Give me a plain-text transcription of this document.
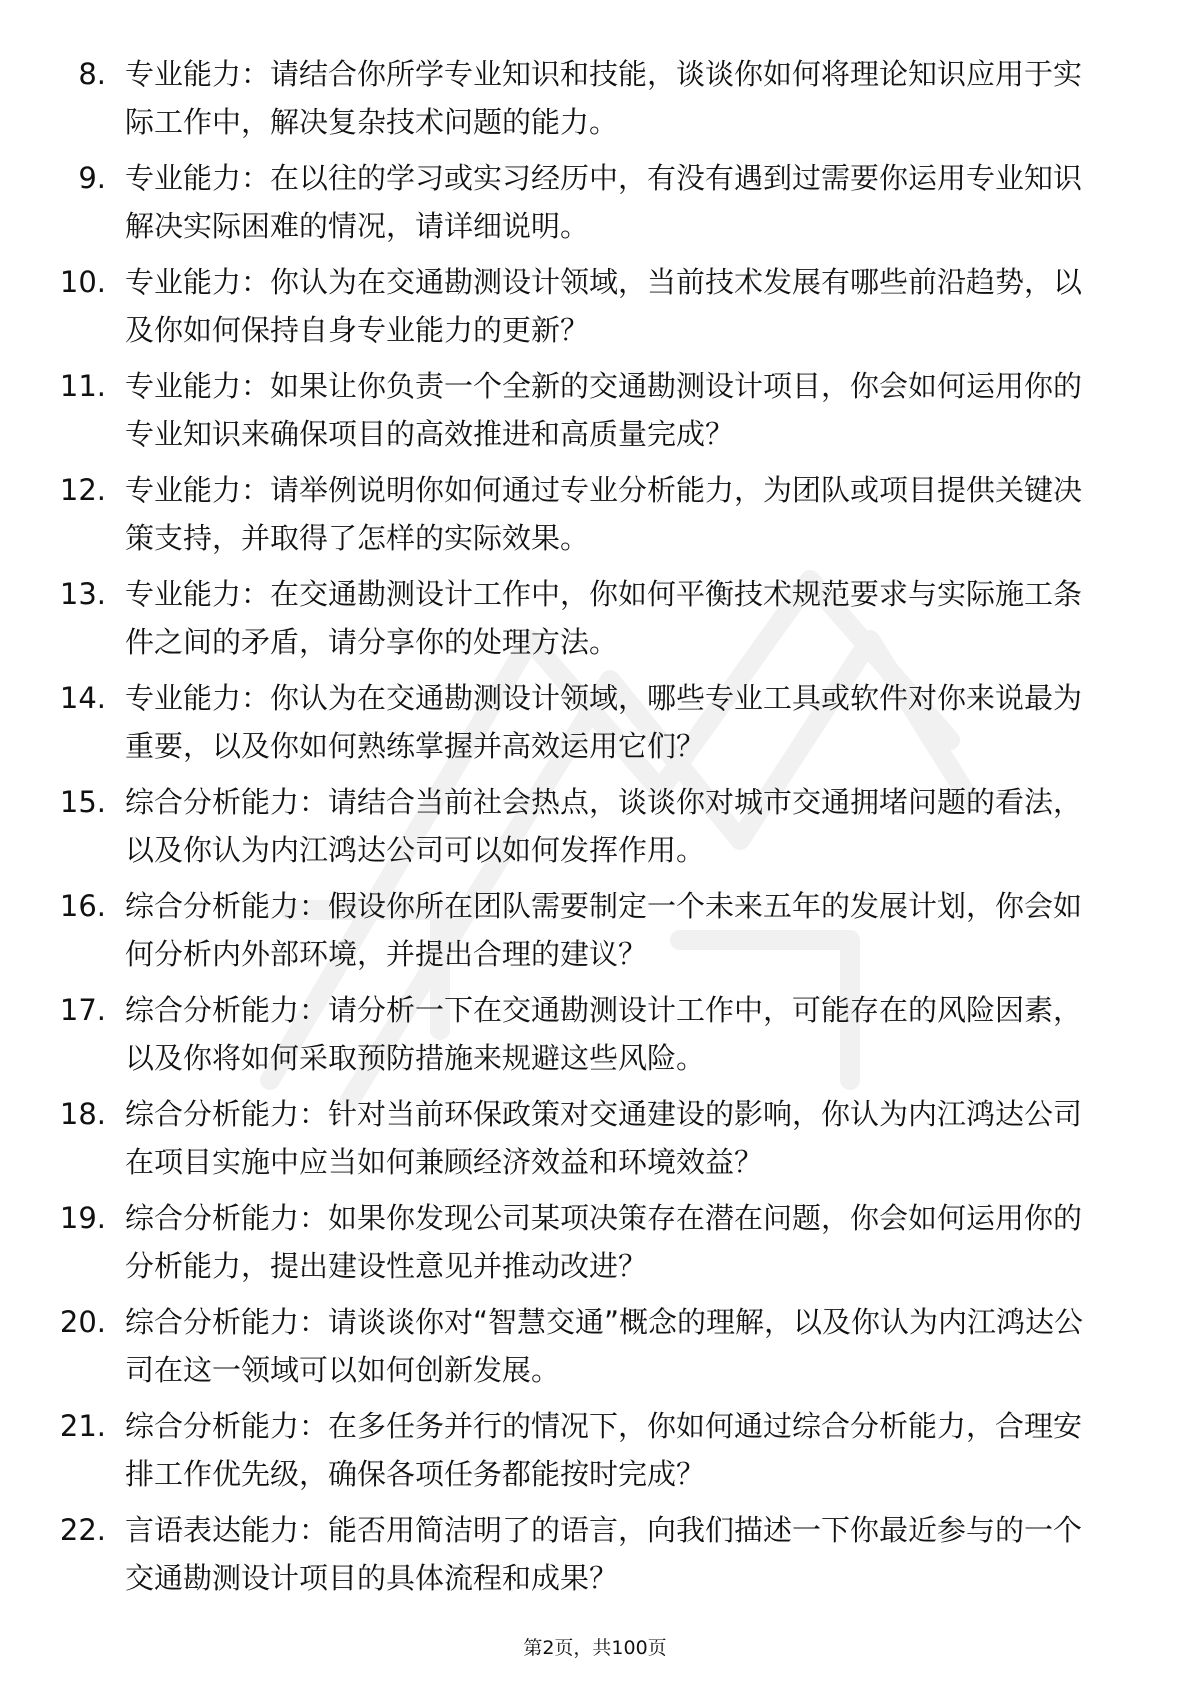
8. 专业能力：请结合你所学专业知识和技能，谈谈你如何将理论知识应用于实际工作中，解决复杂技术问题的能力。

9. 专业能力：在以往的学习或实习经历中，有没有遇到过需要你运用专业知识解决实际困难的情况，请详细说明。

10. 专业能力：你认为在交通勘测设计领域，当前技术发展有哪些前沿趋势，以及你如何保持自身专业能力的更新？

11. 专业能力：如果让你负责一个全新的交通勘测设计项目，你会如何运用你的专业知识来确保项目的高效推进和高质量完成？

12. 专业能力：请举例说明你如何通过专业分析能力，为团队或项目提供关键决策支持，并取得了怎样的实际效果。

13. 专业能力：在交通勘测设计工作中，你如何平衡技术规范要求与实际施工条件之间的矛盾，请分享你的处理方法。

14. 专业能力：你认为在交通勘测设计领域，哪些专业工具或软件对你来说最为重要，以及你如何熟练掌握并高效运用它们？

15. 综合分析能力：请结合当前社会热点，谈谈你对城市交通拥堵问题的看法，以及你认为内江鸿达公司可以如何发挥作用。

16. 综合分析能力：假设你所在团队需要制定一个未来五年的发展计划，你会如何分析内外部环境，并提出合理的建议？

17. 综合分析能力：请分析一下在交通勘测设计工作中，可能存在的风险因素，以及你将如何采取预防措施来规避这些风险。

18. 综合分析能力：针对当前环保政策对交通建设的影响，你认为内江鸿达公司在项目实施中应当如何兼顾经济效益和环境效益？

19. 综合分析能力：如果你发现公司某项决策存在潜在问题，你会如何运用你的分析能力，提出建设性意见并推动改进？

20. 综合分析能力：请谈谈你对“智慧交通”概念的理解，以及你认为内江鸿达公司在这一领域可以如何创新发展。

21. 综合分析能力：在多任务并行的情况下，你如何通过综合分析能力，合理安排工作优先级，确保各项任务都能按时完成？

22. 言语表达能力：能否用简洁明了的语言，向我们描述一下你最近参与的一个交通勘测设计项目的具体流程和成果？

第2页，共100页
